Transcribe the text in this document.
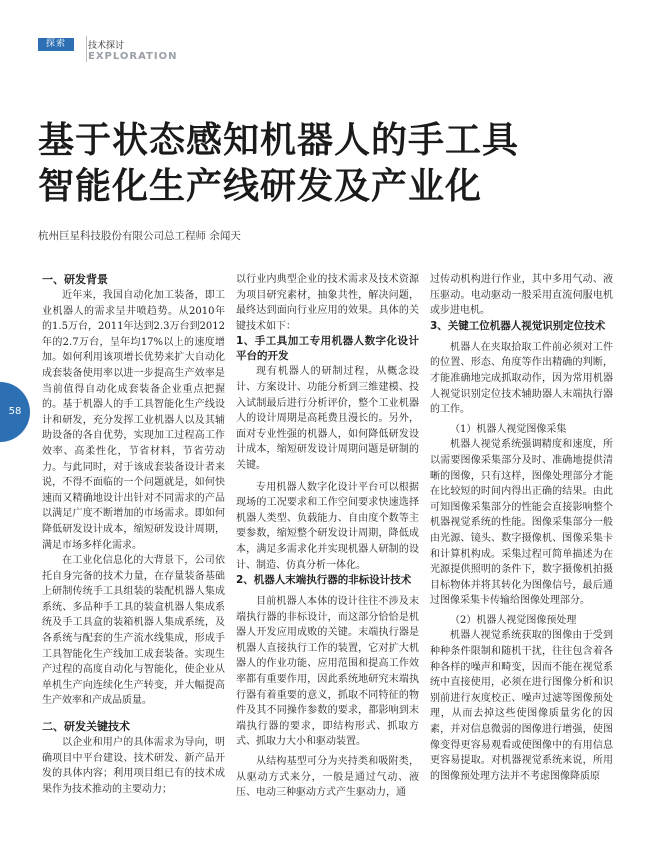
探索	技术探讨
EXPLORATION
基于状态感知机器人的手工具
智能化生产线研发及产业化
杭州巨星科技股份有限公司总工程师 余闻天
58
一、研发背景

近年来，我国自动化加工装备，即工业机器人的需求呈井喷趋势。从2010年的1.5万台，2011年达到2.3万台到2012年的2.7万台，呈年均17%以上的速度增加。如何利用该项增长优势来扩大自动化成套装备使用率以进一步提高生产效率是当前值得自动化成套装备企业重点把握的。基于机器人的手工具智能化生产线设计和研发，充分发挥工业机器人以及其辅助设备的各自优势，实现加工过程高工作效率、高柔性化，节省材料，节省劳动力。与此同时，对于该成套装备设计者来说，不得不面临的一个问题就是，如何快速而又精确地设计出针对不同需求的产品以满足广度不断增加的市场需求。即如何降低研发设计成本，缩短研发设计周期，满足市场多样化需求。

在工业化信息化的大背景下，公司依托自身完备的技术力量，在存量装备基础上研制传统手工具组装的装配机器人集成系统、多品种手工具的装盒机器人集成系统及手工具盒的装箱机器人集成系统，及各系统与配套的生产流水线集成，形成手工具智能化生产线加工成套装备。实现生产过程的高度自动化与智能化，使企业从单机生产向连续化生产转变，并大幅提高生产效率和产成品质量。

二、研发关键技术

以企业和用户的具体需求为导向，明确项目中平台建设、技术研发、新产品开发的具体内容；利用项目组已有的技术成果作为技术推动的主要动力；

以行业内典型企业的技术需求及技术资源为项目研究素材，抽象共性，解决问题，最终达到面向行业应用的效果。具体的关键技术如下：

1、手工具加工专用机器人数字化设计平台的开发

现有机器人的研制过程，从概念设计、方案设计、功能分析到三维建模、投入试制最后进行分析评价，整个工业机器人的设计周期是高耗费且漫长的。另外，面对专业性强的机器人，如何降低研发设计成本，缩短研发设计周期问题是研制的关键。

专用机器人数字化设计平台可以根据现场的工况要求和工作空间要求快速选择机器人类型、负载能力、自由度个数等主要参数，缩短整个研发设计周期，降低成本，满足多需求化并实现机器人研制的设计、制造、仿真分析一体化。

2、机器人末端执行器的非标设计技术

目前机器人本体的设计往往不涉及末端执行器的非标设计，而这部分恰恰是机器人开发应用成败的关键。末端执行器是机器人直接执行工作的装置，它对扩大机器人的作业功能、应用范围和提高工作效率都有重要作用，因此系统地研究末端执行器有着重要的意义，抓取不同特征的物件及其不同操作参数的要求，都影响到末端执行器的要求，即结构形式、抓取方式、抓取力大小和驱动装置。

从结构基型可分为夹持类和吸附类，从驱动方式来分，一般是通过气动、液压、电动三种驱动方式产生驱动力，通

过传动机构进行作业，其中多用气动、液压驱动。电动驱动一般采用直流伺服电机或步进电机。

3、关键工位机器人视觉识别定位技术

机器人在夹取拾取工件前必须对工件的位置、形态、角度等作出精确的判断，才能准确地完成抓取动作，因为常用机器人视觉识别定位技术辅助器人末端执行器的工作。

（1）机器人视觉图像采集

机器人视觉系统强调精度和速度，所以需要图像采集部分及时、准确地提供清晰的图像，只有这样，图像处理部分才能在比较短的时间内得出正确的结果。由此可知图像采集部分的性能会直接影响整个机器视觉系统的性能。图像采集部分一般由光源、镜头、数字摄像机、图像采集卡和计算机构成。采集过程可简单描述为在光源提供照明的条件下，数字摄像机拍摄目标物体并将其转化为图像信号，最后通过图像采集卡传输给图像处理部分。

（2）机器人视觉图像预处理

机器人视觉系统获取的图像由于受到种种条件限制和随机干扰，往往包含着各种各样的噪声和畸变，因而不能在视觉系统中直接使用，必须在进行图像分析和识别前进行灰度校正、噪声过滤等图像预处理，从而去掉这些使图像质量劣化的因素，并对信息微弱的图像进行增强，使图像变得更容易观看或使图像中的有用信息更容易提取。对机器视觉系统来说，所用的图像预处理方法并不考虑图像降质原
